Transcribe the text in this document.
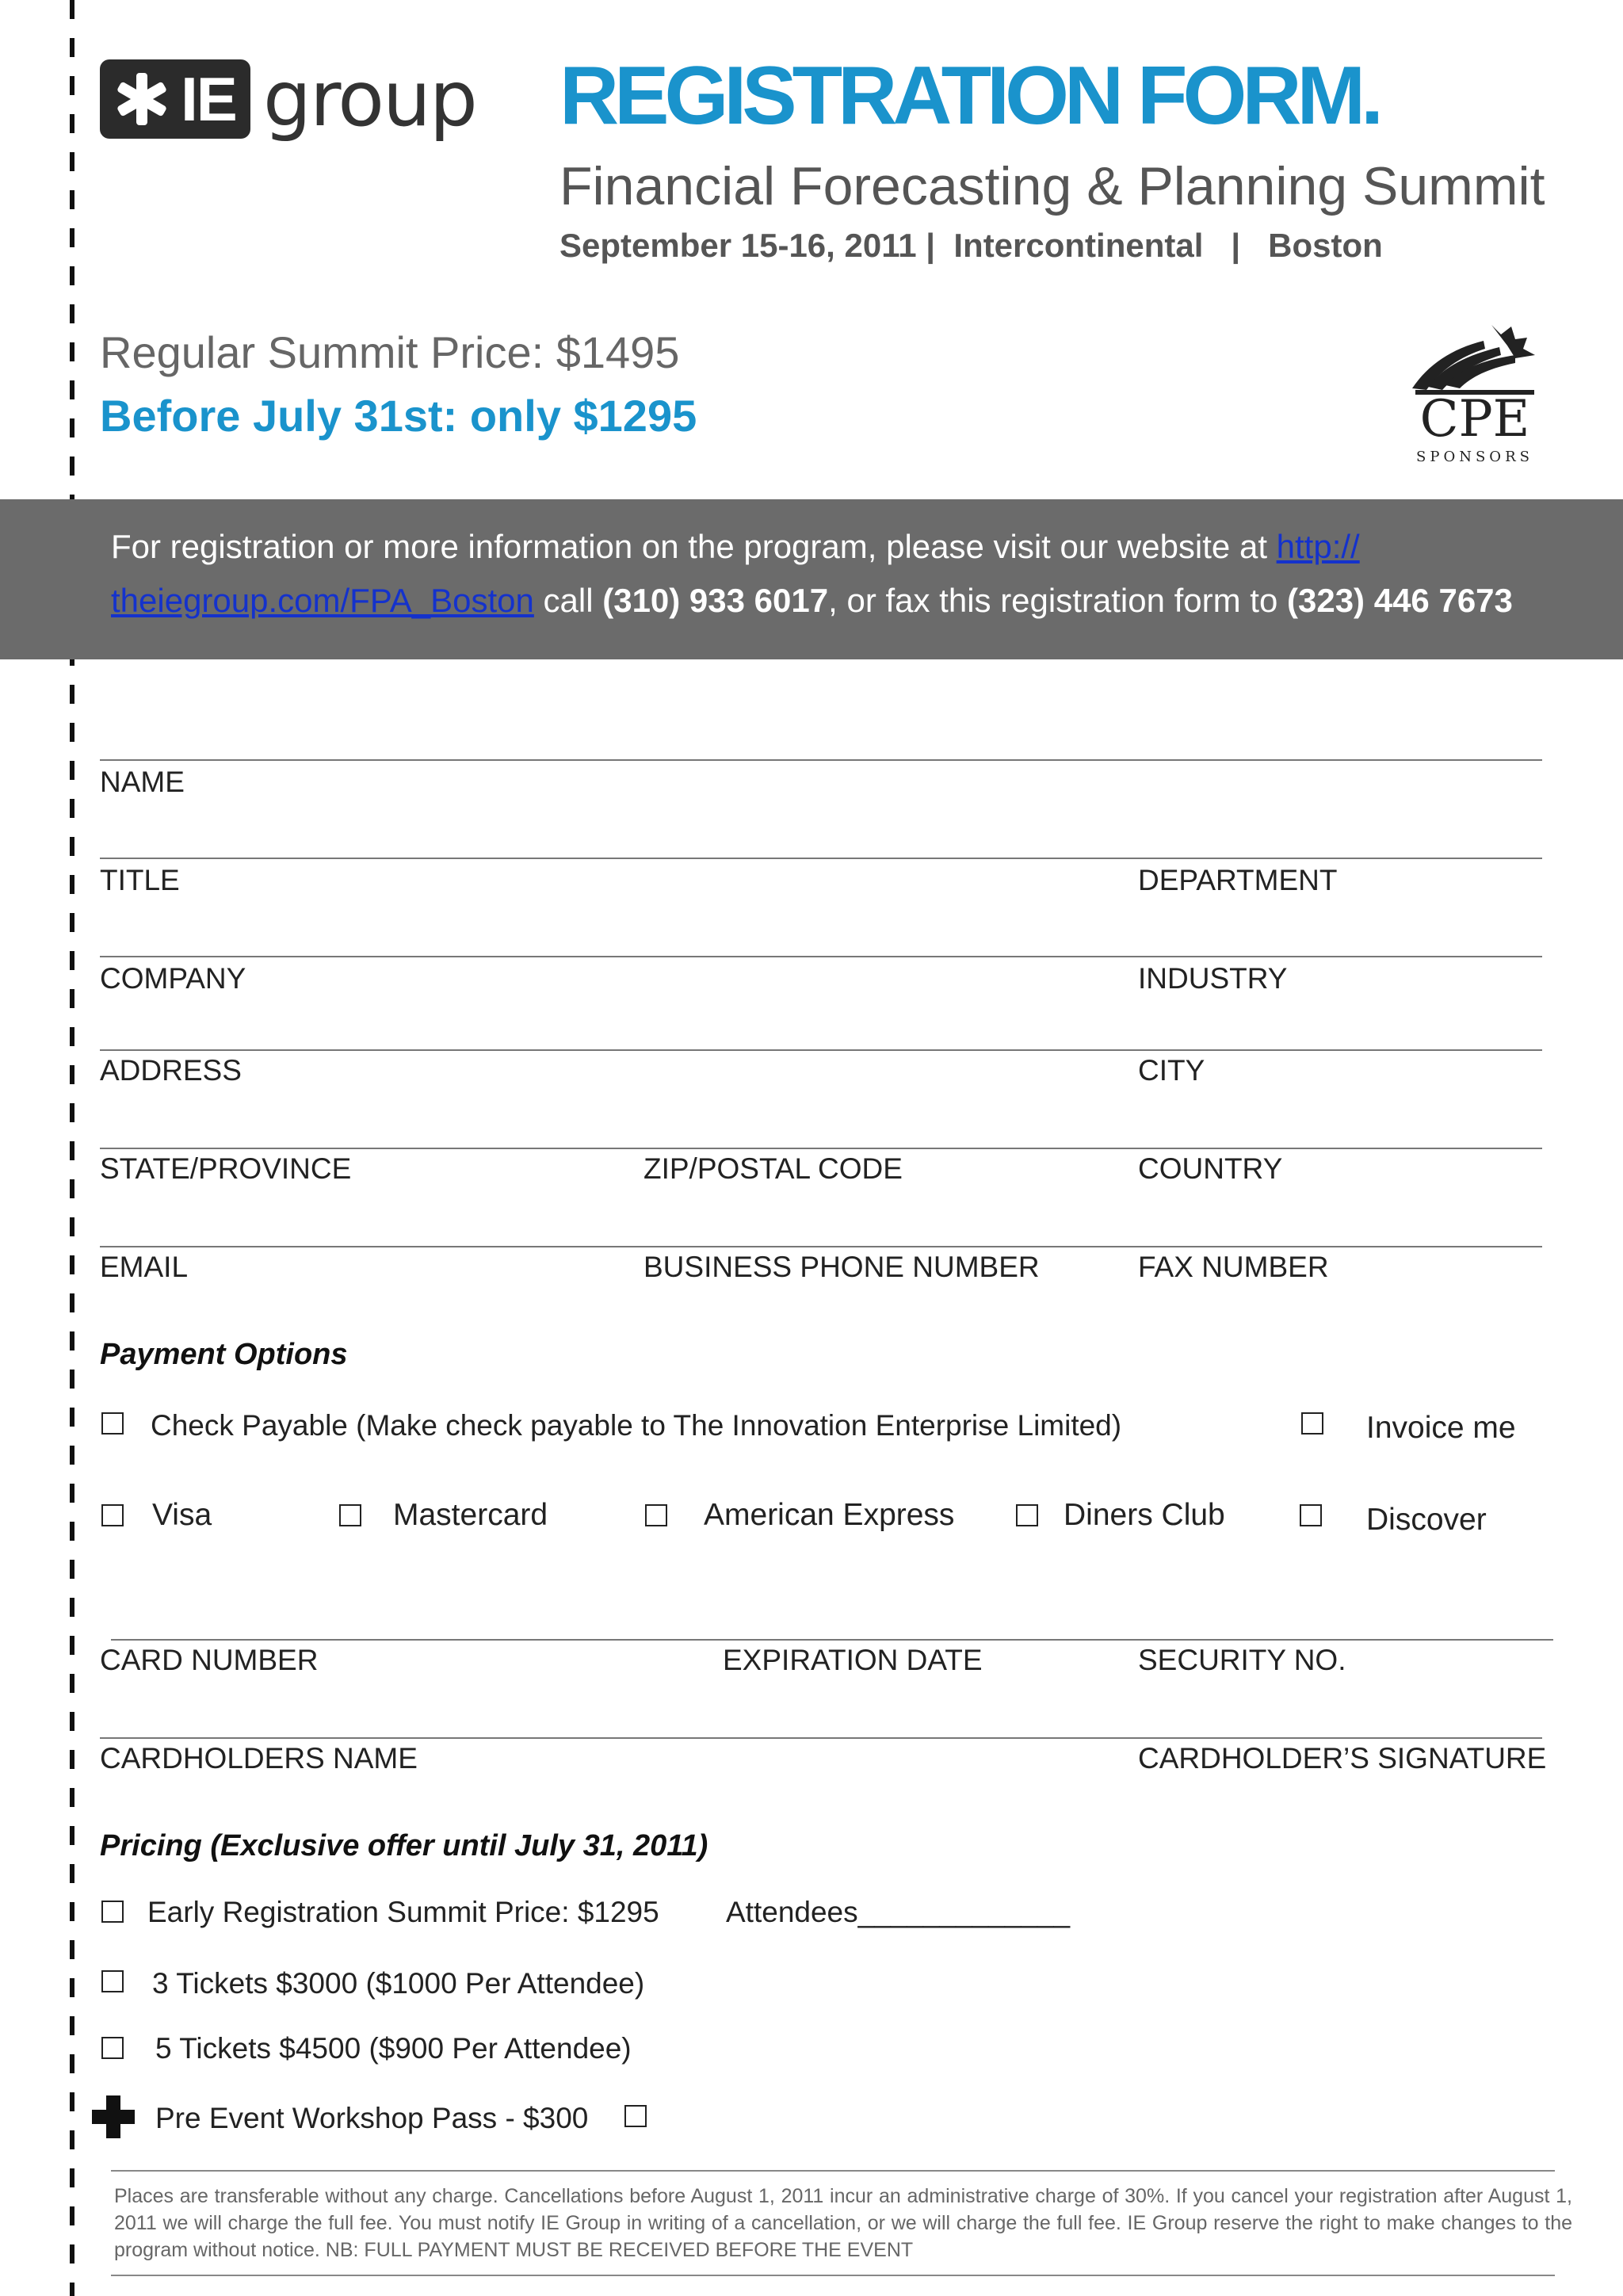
IE group REGISTRATION FORM.
Financial Forecasting & Planning Summit
September 15-16, 2011 |  Intercontinental   |   Boston
Regular Summit Price: $1495
Before July 31st: only $1295	CPE
SPONSORS
For registration or more information on the program, please visit our website at http://
theiegroup.com/FPA_Boston call (310) 933 6017, or fax this registration form to (323) 446 7673
NAME
TITLE	DEPARTMENT
COMPANY	INDUSTRY
ADDRESS	CITY
STATE/PROVINCE	ZIP/POSTAL CODE	COUNTRY
EMAIL	BUSINESS PHONE NUMBER	FAX NUMBER
Payment Options
Check Payable (Make check payable to The Innovation Enterprise Limited)	Invoice me
Visa	Mastercard	American Express	Diners Club	Discover
CARD NUMBER	EXPIRATION DATE	SECURITY NO.
CARDHOLDERS NAME	CARDHOLDER’S SIGNATURE
Pricing (Exclusive offer until July 31, 2011)
Early Registration Summit Price: $1295 Attendees_____________
3 Tickets $3000 ($1000 Per Attendee)
5 Tickets $4500 ($900 Per Attendee)
Pre Event Workshop Pass - $300
Places are transferable without any charge. Cancellations before August 1, 2011 incur an administrative charge of 30%. If you cancel your registration after August 1, 2011 we will charge the full fee. You must notify IE Group in writing of a cancellation, or we will charge the full fee. IE Group reserve the right to make changes to the program without notice. NB: FULL PAYMENT MUST BE RECEIVED BEFORE THE EVENT
